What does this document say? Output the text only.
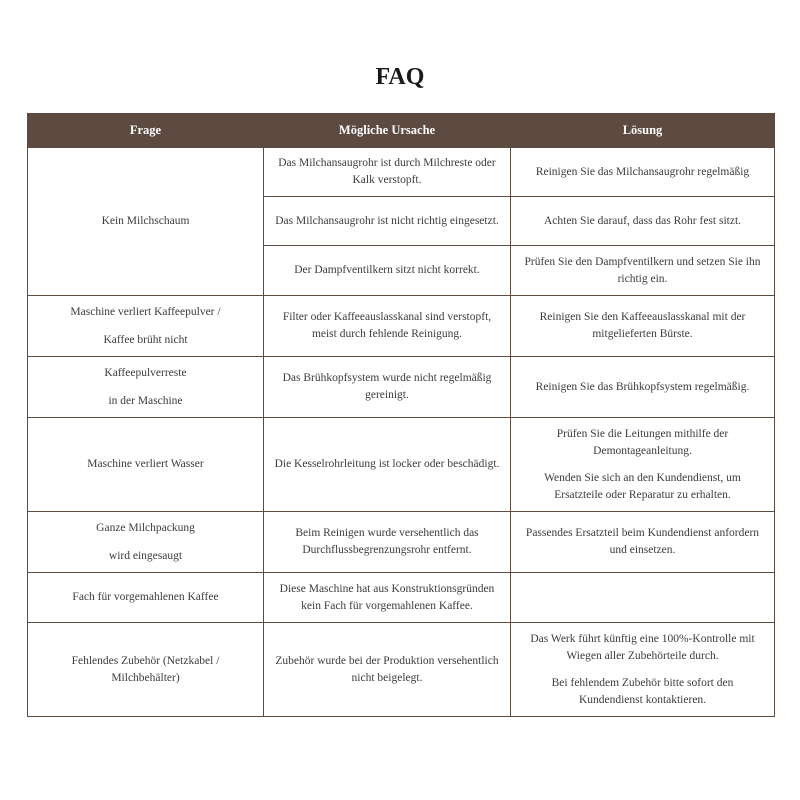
FAQ
Frage	Mögliche Ursache	Lösung

Kein Milchschaum	Das Milchansaugrohr ist durch Milchreste oder Kalk verstopft.	Reinigen Sie das Milchansaugrohr regelmäßig

	Das Milchansaugrohr ist nicht richtig eingesetzt.	Achten Sie darauf, dass das Rohr fest sitzt.

	Der Dampfventilkern sitzt nicht korrekt.	Prüfen Sie den Dampfventilkern und setzen Sie ihn richtig ein.

Maschine verliert Kaffeepulver /
Kaffee brüht nicht	Filter oder Kaffeeauslasskanal sind verstopft, meist durch fehlende Reinigung.	Reinigen Sie den Kaffeeauslasskanal mit der mitgelieferten Bürste.

Kaffeepulverreste
in der Maschine	Das Brühkopfsystem wurde nicht regelmäßig gereinigt.	Reinigen Sie das Brühkopfsystem regelmäßig.

Maschine verliert Wasser	Die Kesselrohrleitung ist locker oder beschädigt.	Prüfen Sie die Leitungen mithilfe der Demontageanleitung.
Wenden Sie sich an den Kundendienst, um Ersatzteile oder Reparatur zu erhalten.

Ganze Milchpackung
wird eingesaugt	Beim Reinigen wurde versehentlich das Durchflussbegrenzungsrohr entfernt.	Passendes Ersatzteil beim Kundendienst anfordern und einsetzen.

Fach für vorgemahlenen Kaffee	Diese Maschine hat aus Konstruktionsgründen kein Fach für vorgemahlenen Kaffee.	

Fehlendes Zubehör (Netzkabel / Milchbehälter)	Zubehör wurde bei der Produktion versehentlich nicht beigelegt.	Das Werk führt künftig eine 100%-Kontrolle mit Wiegen aller Zubehörteile durch.
Bei fehlendem Zubehör bitte sofort den Kundendienst kontaktieren.
